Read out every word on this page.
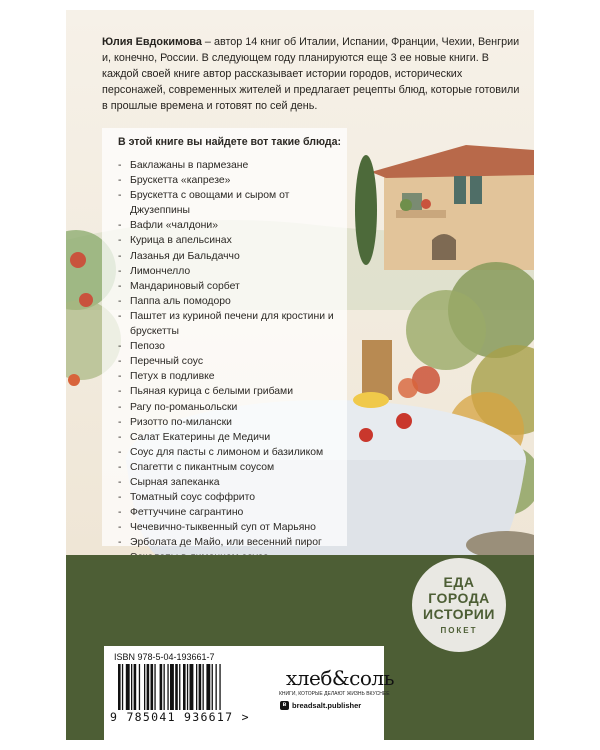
Юлия Евдокимова – автор 14 книг об Италии, Испании, Франции, Чехии, Венгрии и, конечно, России. В следующем году планируются еще 3 ее новые книги. В каждой своей книге автор рассказывает истории городов, исторических персонажей, современных жителей и предлагает рецепты блюд, которые готовили в прошлые времена и готовят по сей день.

В этой книге вы найдете вот такие блюда:
- Баклажаны в пармезане
- Брускетта «капрезе»
- Брускетта с овощами и сыром от Джузеппины
- Вафли «чалдони»
- Курица в апельсинах
- Лазанья ди Бальдаччо
- Лимончелло
- Мандариновый сорбет
- Паппа аль помодоро
- Паштет из куриной печени для кростини и брускетты
- Пепозо
- Перечный соус
- Петух в подливке
- Пьяная курица с белыми грибами
- Рагу по-романьольски
- Ризотто по-милански
- Салат Екатерины де Медичи
- Соус для пасты с лимоном и базиликом
- Спагетти с пикантным соусом
- Сырная запеканка
- Томатный соус соффрито
- Феттуччине сагрантино
- Чечевично-тыквенный суп от Марьяно
- Эрболата де Майо, или весенний пирог
-
ЕДА
ГОРОДА
ИСТОРИИ
ПОКЕТ
ISBN 978-5-04-193661-7
9 785041 936617 >
хлеб&соль
КНИГИ, КОТОРЫЕ ДЕЛАЮТ ЖИЗНЬ ВКУСНЕЕ
в breadsalt.publisher
